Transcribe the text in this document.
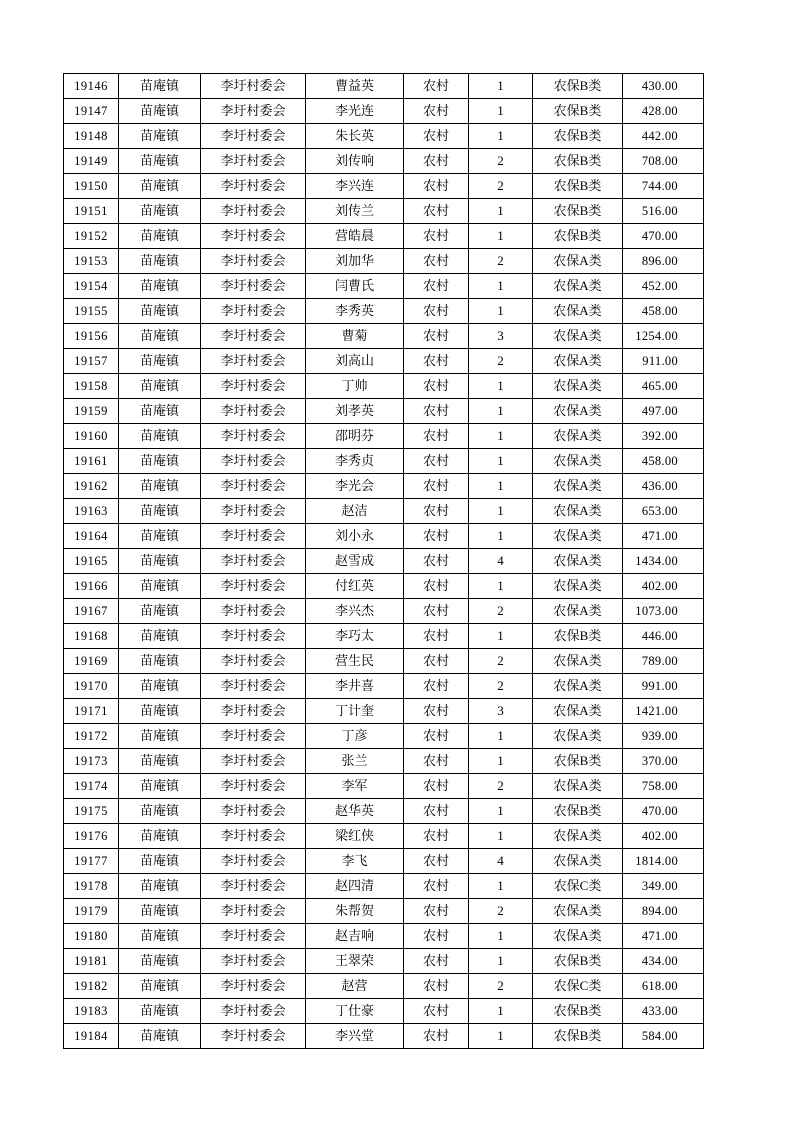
19146	苗庵镇	李圩村委会	曹益英	农村	1	农保B类	430.00
19147	苗庵镇	李圩村委会	李光连	农村	1	农保B类	428.00
19148	苗庵镇	李圩村委会	朱长英	农村	1	农保B类	442.00
19149	苗庵镇	李圩村委会	刘传响	农村	2	农保B类	708.00
19150	苗庵镇	李圩村委会	李兴连	农村	2	农保B类	744.00
19151	苗庵镇	李圩村委会	刘传兰	农村	1	农保B类	516.00
19152	苗庵镇	李圩村委会	营皓晨	农村	1	农保B类	470.00
19153	苗庵镇	李圩村委会	刘加华	农村	2	农保A类	896.00
19154	苗庵镇	李圩村委会	闫曹氏	农村	1	农保A类	452.00
19155	苗庵镇	李圩村委会	李秀英	农村	1	农保A类	458.00
19156	苗庵镇	李圩村委会	曹菊	农村	3	农保A类	1254.00
19157	苗庵镇	李圩村委会	刘高山	农村	2	农保A类	911.00
19158	苗庵镇	李圩村委会	丁帅	农村	1	农保A类	465.00
19159	苗庵镇	李圩村委会	刘孝英	农村	1	农保A类	497.00
19160	苗庵镇	李圩村委会	邵明芬	农村	1	农保A类	392.00
19161	苗庵镇	李圩村委会	李秀贞	农村	1	农保A类	458.00
19162	苗庵镇	李圩村委会	李光会	农村	1	农保A类	436.00
19163	苗庵镇	李圩村委会	赵洁	农村	1	农保A类	653.00
19164	苗庵镇	李圩村委会	刘小永	农村	1	农保A类	471.00
19165	苗庵镇	李圩村委会	赵雪成	农村	4	农保A类	1434.00
19166	苗庵镇	李圩村委会	付红英	农村	1	农保A类	402.00
19167	苗庵镇	李圩村委会	李兴杰	农村	2	农保A类	1073.00
19168	苗庵镇	李圩村委会	李巧太	农村	1	农保B类	446.00
19169	苗庵镇	李圩村委会	营生民	农村	2	农保A类	789.00
19170	苗庵镇	李圩村委会	李井喜	农村	2	农保A类	991.00
19171	苗庵镇	李圩村委会	丁计奎	农村	3	农保A类	1421.00
19172	苗庵镇	李圩村委会	丁彦	农村	1	农保A类	939.00
19173	苗庵镇	李圩村委会	张兰	农村	1	农保B类	370.00
19174	苗庵镇	李圩村委会	李军	农村	2	农保A类	758.00
19175	苗庵镇	李圩村委会	赵华英	农村	1	农保B类	470.00
19176	苗庵镇	李圩村委会	梁红侠	农村	1	农保A类	402.00
19177	苗庵镇	李圩村委会	李飞	农村	4	农保A类	1814.00
19178	苗庵镇	李圩村委会	赵四清	农村	1	农保C类	349.00
19179	苗庵镇	李圩村委会	朱帮贺	农村	2	农保A类	894.00
19180	苗庵镇	李圩村委会	赵吉响	农村	1	农保A类	471.00
19181	苗庵镇	李圩村委会	王翠荣	农村	1	农保B类	434.00
19182	苗庵镇	李圩村委会	赵营	农村	2	农保C类	618.00
19183	苗庵镇	李圩村委会	丁仕豪	农村	1	农保B类	433.00
19184	苗庵镇	李圩村委会	李兴堂	农村	1	农保B类	584.00
